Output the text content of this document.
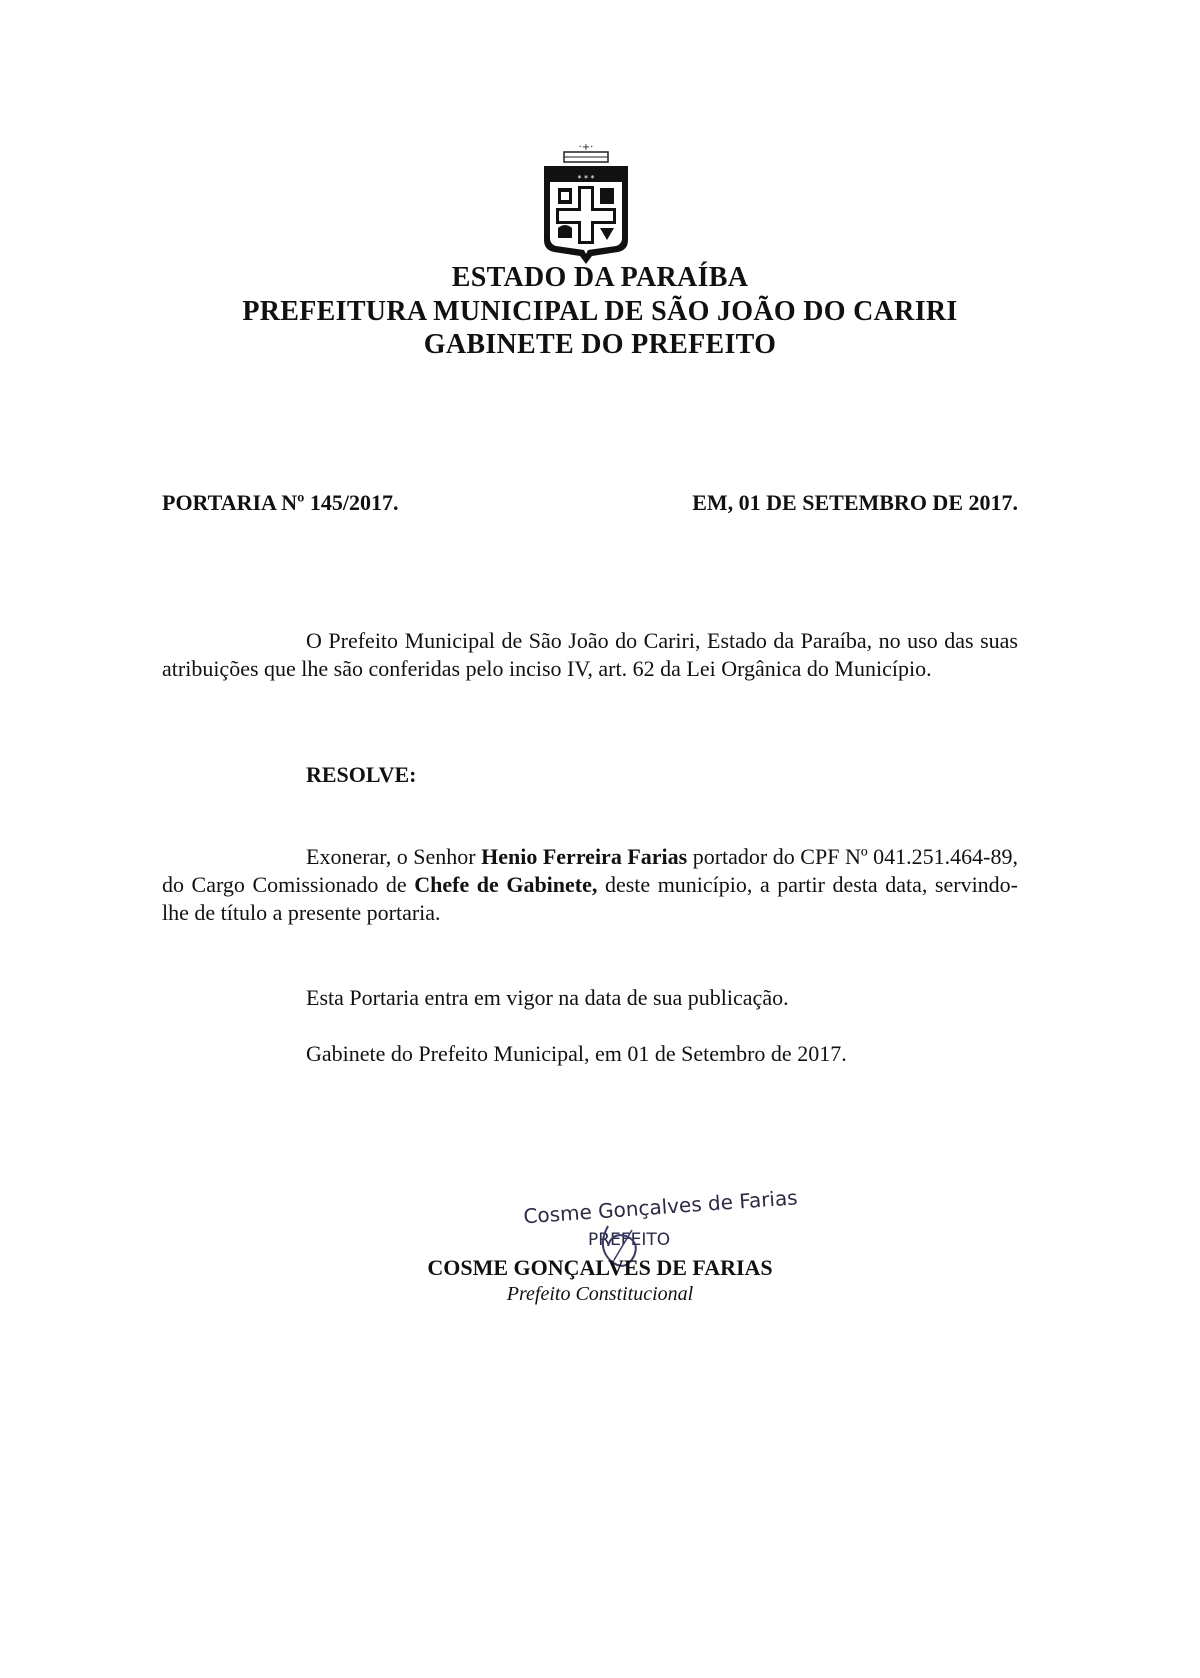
·+·
* * *
ESTADO DA PARAÍBA
PREFEITURA MUNICIPAL DE SÃO JOÃO DO CARIRI
GABINETE DO PREFEITO
PORTARIA Nº 145/2017.	EM, 01 DE SETEMBRO DE 2017.
O Prefeito Municipal de São João do Cariri, Estado da Paraíba, no uso das suas atribuições que lhe são conferidas pelo inciso IV, art. 62 da Lei Orgânica do Município.
RESOLVE:
Exonerar, o Senhor Henio Ferreira Farias portador do CPF Nº 041.251.464-89, do Cargo Comissionado de Chefe de Gabinete, deste município, a partir desta data, servindo-lhe de título a presente portaria.
Esta Portaria entra em vigor na data de sua publicação.
Gabinete do Prefeito Municipal, em 01 de Setembro de 2017.
Cosme Gonçalves de Farias
PREFEITO
COSME GONÇALVES DE FARIAS
Prefeito Constitucional
